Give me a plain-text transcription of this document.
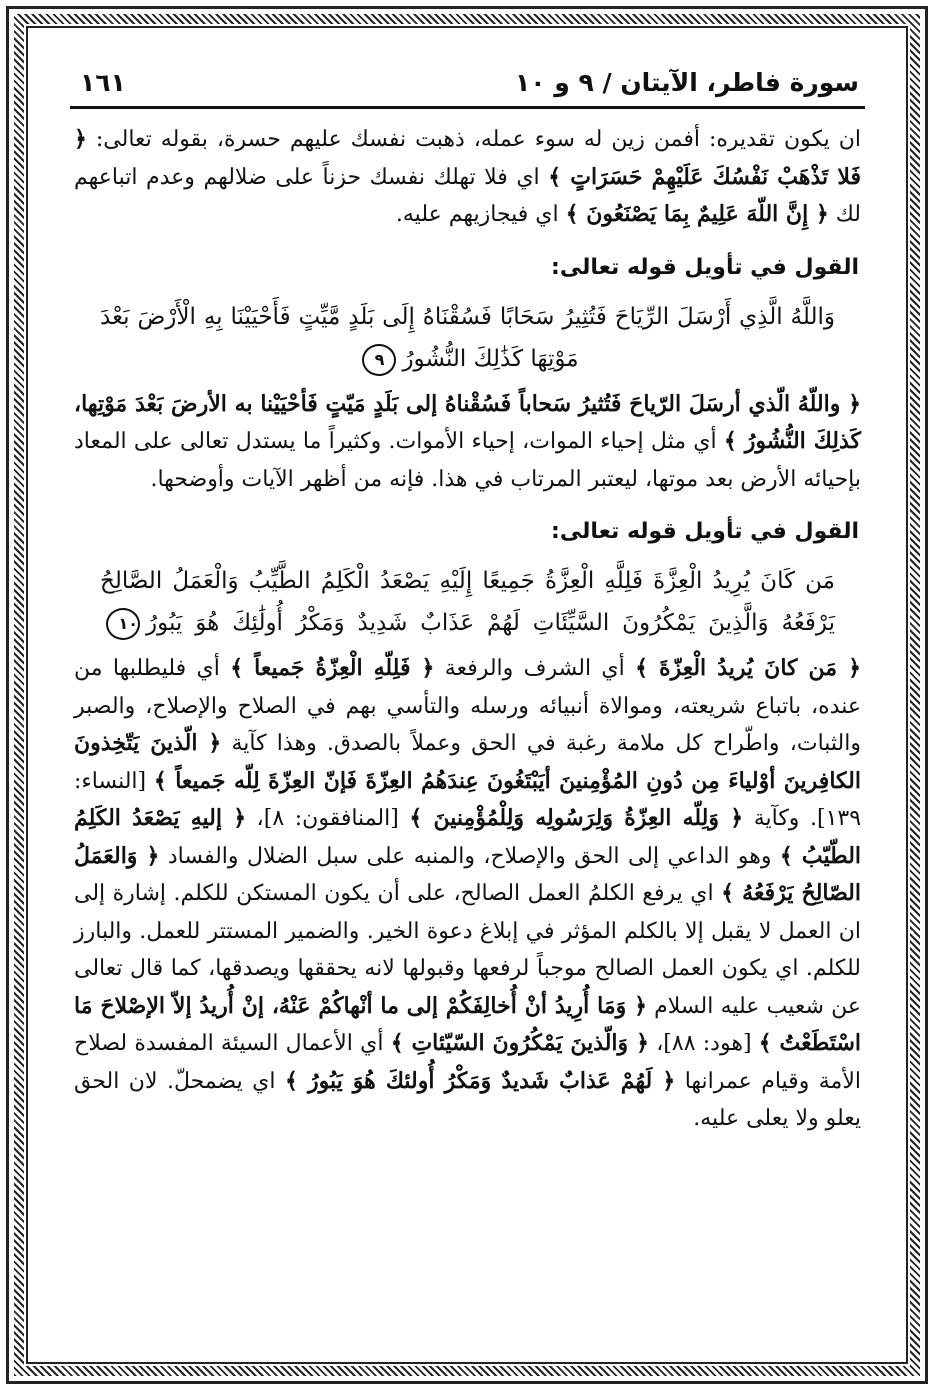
سورة فاطر، الآيتان / ٩ و ١٠
١٦١

ان يكون تقديره: أفمن زين له سوء عمله، ذهبت نفسك عليهم حسرة، بقوله تعالى: ﴿ فَلا تَذْهَبْ نَفْسُكَ عَلَيْهِمْ حَسَرَاتٍ ﴾ اي فلا تهلك نفسك حزناً على ضلالهم وعدم اتباعهم لك ﴿ إِنَّ اللّهَ عَلِيمٌ بِمَا يَصْنَعُونَ ﴾ اي فيجازيهم عليه.

القول في تأويل قوله تعالى:
وَاللَّهُ الَّذِي أَرْسَلَ الرِّيَاحَ فَتُثِيرُ سَحَابًا فَسُقْنَاهُ إِلَى بَلَدٍ مَّيِّتٍ فَأَحْيَيْنَا بِهِ الْأَرْضَ بَعْدَ
مَوْتِهَا كَذَٰلِكَ النُّشُورُ٩

﴿ واللّهُ الّذي أرسَلَ الرّياحَ فَتُثيرُ سَحاباً فَسُقْناهُ إلى بَلَدٍ مَيّتٍ فَأحْيَيْنا به الأرضَ بَعْدَ مَوْتِها، كَذلِكَ النُّشُورُ ﴾ أي مثل إحياء الموات، إحياء الأموات. وكثيراً ما يستدل تعالى على المعاد بإحيائه الأرض بعد موتها، ليعتبر المرتاب في هذا. فإنه من أظهر الآيات وأوضحها.

القول في تأويل قوله تعالى:
مَن كَانَ يُرِيدُ الْعِزَّةَ فَلِلَّهِ الْعِزَّةُ جَمِيعًا إِلَيْهِ يَصْعَدُ الْكَلِمُ الطَّيِّبُ وَالْعَمَلُ الصَّالِحُ
يَرْفَعُهُ وَالَّذِينَ يَمْكُرُونَ السَّيِّئَاتِ لَهُمْ عَذَابٌ شَدِيدٌ وَمَكْرُ أُولَٰئِكَ هُوَ يَبُورُ١٠

﴿ مَن كانَ يُريدُ الْعِزّةَ ﴾ أي الشرف والرفعة ﴿ فَلِلّهِ الْعِزّةُ جَميعاً ﴾ أي فليطلبها من عنده، باتباع شريعته، وموالاة أنبيائه ورسله والتأسي بهم في الصلاح والإصلاح، والصبر والثبات، واطّراح كل ملامة رغبة في الحق وعملاً بالصدق. وهذا كآية ﴿ الّذينَ يَتّخِذونَ الكافِرينَ أوْلياءَ مِن دُونِ المُؤْمِنينَ أيَبْتَغُونَ عِندَهُمُ العِزّةَ فَإنّ العِزّةَ لِلّه جَميعاً ﴾ [النساء: ١٣٩]. وكآية ﴿ وَلِلّه العِزّةُ وَلِرَسُولِه وَلِلْمُؤْمِنينَ ﴾ [المنافقون: ٨]، ﴿ إليهِ يَصْعَدُ الكَلِمُ الطّيّبُ ﴾ وهو الداعي إلى الحق والإصلاح، والمنبه على سبل الضلال والفساد ﴿ وَالعَمَلُ الصّالِحُ يَرْفَعُهُ ﴾ اي يرفع الكلمُ العمل الصالح، على أن يكون المستكن للكلم. إشارة إلى ان العمل لا يقبل إلا بالكلم المؤثر في إبلاغ دعوة الخير. والضمير المستتر للعمل. والبارز للكلم. اي يكون العمل الصالح موجباً لرفعها وقبولها لانه يحققها ويصدقها، كما قال تعالى عن شعيب عليه السلام ﴿ وَمَا أُرِيدُ أنْ أُخالِفَكُمْ إلى ما أنْهاكُمْ عَنْهُ، إنْ أُريدُ إلاّ الإصْلاحَ مَا اسْتَطَعْتُ ﴾ [هود: ٨٨]، ﴿ وَالّذينَ يَمْكُرُونَ السّيّئاتِ ﴾ أي الأعمال السيئة المفسدة لصلاح الأمة وقيام عمرانها ﴿ لَهُمْ عَذابٌ شَديدٌ وَمَكْرُ أُولئكَ هُوَ يَبُورُ ﴾ اي يضمحلّ. لان الحق يعلو ولا يعلى عليه.
